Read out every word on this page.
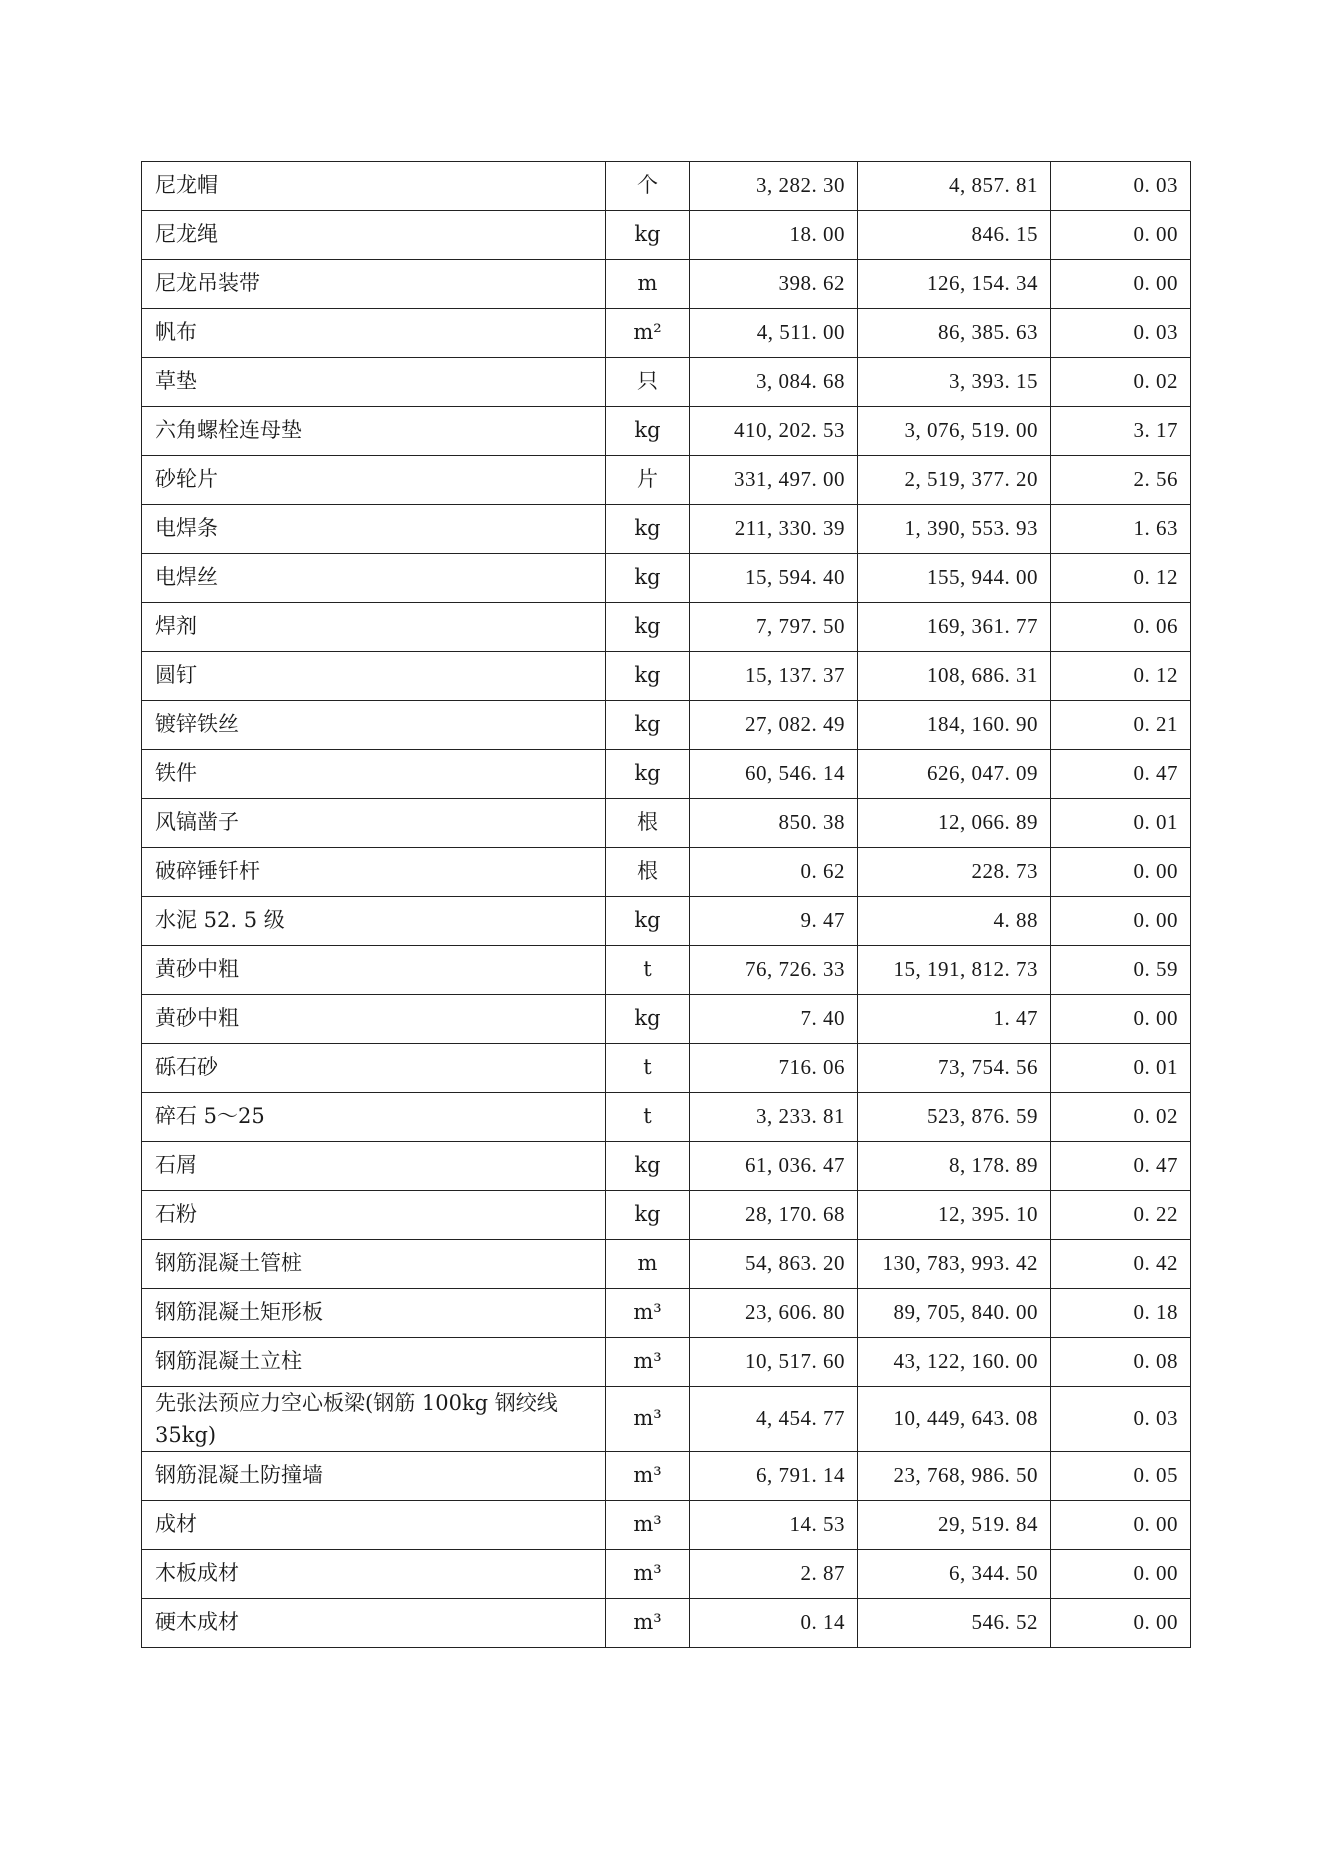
尼龙帽	个	3, 282. 30	4, 857. 81	0. 03
尼龙绳	kg	18. 00	846. 15	0. 00
尼龙吊装带	m	398. 62	126, 154. 34	0. 00
帆布	m²	4, 511. 00	86, 385. 63	0. 03
草垫	只	3, 084. 68	3, 393. 15	0. 02
六角螺栓连母垫	kg	410, 202. 53	3, 076, 519. 00	3. 17
砂轮片	片	331, 497. 00	2, 519, 377. 20	2. 56
电焊条	kg	211, 330. 39	1, 390, 553. 93	1. 63
电焊丝	kg	15, 594. 40	155, 944. 00	0. 12
焊剂	kg	7, 797. 50	169, 361. 77	0. 06
圆钉	kg	15, 137. 37	108, 686. 31	0. 12
镀锌铁丝	kg	27, 082. 49	184, 160. 90	0. 21
铁件	kg	60, 546. 14	626, 047. 09	0. 47
风镐凿子	根	850. 38	12, 066. 89	0. 01
破碎锤钎杆	根	0. 62	228. 73	0. 00
水泥 52. 5 级	kg	9. 47	4. 88	0. 00
黄砂中粗	t	76, 726. 33	15, 191, 812. 73	0. 59
黄砂中粗	kg	7. 40	1. 47	0. 00
砾石砂	t	716. 06	73, 754. 56	0. 01
碎石 5～25	t	3, 233. 81	523, 876. 59	0. 02
石屑	kg	61, 036. 47	8, 178. 89	0. 47
石粉	kg	28, 170. 68	12, 395. 10	0. 22
钢筋混凝土管桩	m	54, 863. 20	130, 783, 993. 42	0. 42
钢筋混凝土矩形板	m³	23, 606. 80	89, 705, 840. 00	0. 18
钢筋混凝土立柱	m³	10, 517. 60	43, 122, 160. 00	0. 08
先张法预应力空心板梁(钢筋 100kg 钢绞线 35kg)	m³	4, 454. 77	10, 449, 643. 08	0. 03
钢筋混凝土防撞墙	m³	6, 791. 14	23, 768, 986. 50	0. 05
成材	m³	14. 53	29, 519. 84	0. 00
木板成材	m³	2. 87	6, 344. 50	0. 00
硬木成材	m³	0. 14	546. 52	0. 00
